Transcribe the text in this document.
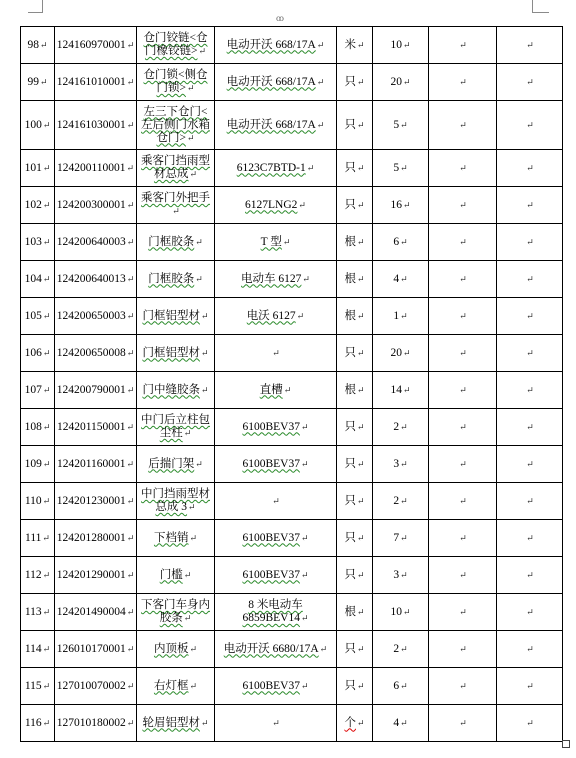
ꝏ
98↵	124160970001↵	仓门铰链<仓门橡铰链>↵	电动开沃 668/17A↵	米↵	10↵	↵	↵
99↵	124161010001↵	仓门锁<侧仓门锁>↵	电动开沃 668/17A↵	只↵	20↵	↵	↵
100↵	124161030001↵	左三下仓门<左后侧门水箱仓门>↵	电动开沃 668/17A↵	只↵	5↵	↵	↵
101↵	124200110001↵	乘客门挡雨型材总成↵	6123C7BTD-1↵	只↵	5↵	↵	↵
102↵	124200300001↵	乘客门外把手↵	6127LNG2↵	只↵	16↵	↵	↵
103↵	124200640003↵	门框胶条↵	T 型↵	根↵	6↵	↵	↵
104↵	124200640013↵	门框胶条↵	电动车 6127↵	根↵	4↵	↵	↵
105↵	124200650003↵	门框铝型材↵	电沃 6127↵	根↵	1↵	↵	↵
106↵	124200650008↵	门框铝型材↵	↵	只↵	20↵	↵	↵
107↵	124200790001↵	门中缝胶条↵	直槽↵	根↵	14↵	↵	↵
108↵	124201150001↵	中门后立柱包尘柱↵	6100BEV37↵	只↵	2↵	↵	↵
109↵	124201160001↵	后揣门架↵	6100BEV37↵	只↵	3↵	↵	↵
110↵	124201230001↵	中门挡雨型材总成 3↵	↵	只↵	2↵	↵	↵
111↵	124201280001↵	下档销↵	6100BEV37↵	只↵	7↵	↵	↵
112↵	124201290001↵	门槛↵	6100BEV37↵	只↵	3↵	↵	↵
113↵	124201490004↵	下客门车身内胶条↵	8 米电动车 6859BEV14↵	根↵	10↵	↵	↵
114↵	126010170001↵	内顶板↵	电动开沃 6680/17A↵	只↵	2↵	↵	↵
115↵	127010070002↵	右灯框↵	6100BEV37↵	只↵	6↵	↵	↵
116↵	127010180002↵	轮眉铝型材↵	↵	个↵	4↵	↵	↵
